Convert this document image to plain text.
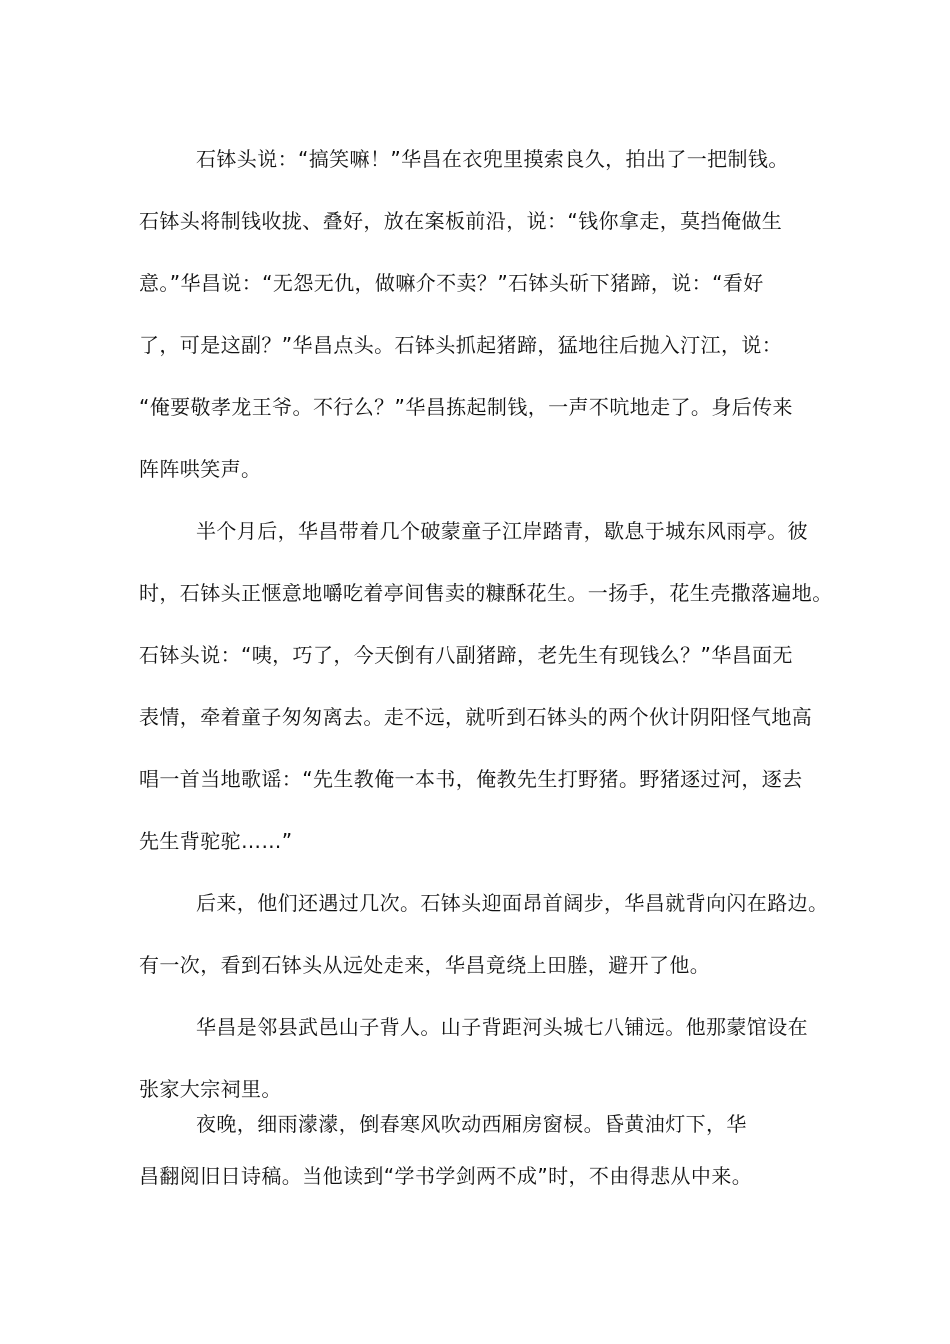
石钵头说：“搞笑嘛！”华昌在衣兜里摸索良久，拍出了一把制钱。
石钵头将制钱收拢、叠好，放在案板前沿，说：“钱你拿走，莫挡俺做生
意。”华昌说：“无怨无仇，做嘛介不卖？”石钵头斫下猪蹄，说：“看好
了，可是这副？”华昌点头。石钵头抓起猪蹄，猛地往后抛入汀江，说：
“俺要敬孝龙王爷。不行么？”华昌拣起制钱，一声不吭地走了。身后传来
阵阵哄笑声。
半个月后，华昌带着几个破蒙童子江岸踏青，歇息于城东风雨亭。彼
时，石钵头正惬意地嚼吃着亭间售卖的糠酥花生。一扬手，花生壳撒落遍地。
石钵头说：“咦，巧了，今天倒有八副猪蹄，老先生有现钱么？”华昌面无
表情，牵着童子匆匆离去。走不远，就听到石钵头的两个伙计阴阳怪气地高
唱一首当地歌谣：“先生教俺一本书，俺教先生打野猪。野猪逐过河，逐去
先生背驼驼……”
后来，他们还遇过几次。石钵头迎面昂首阔步，华昌就背向闪在路边。
有一次，看到石钵头从远处走来，华昌竟绕上田塍，避开了他。
华昌是邻县武邑山子背人。山子背距河头城七八铺远。他那蒙馆设在
张家大宗祠里。
夜晚，细雨濛濛，倒春寒风吹动西厢房窗棂。昏黄油灯下，华
昌翻阅旧日诗稿。当他读到“学书学剑两不成”时，不由得悲从中来。
